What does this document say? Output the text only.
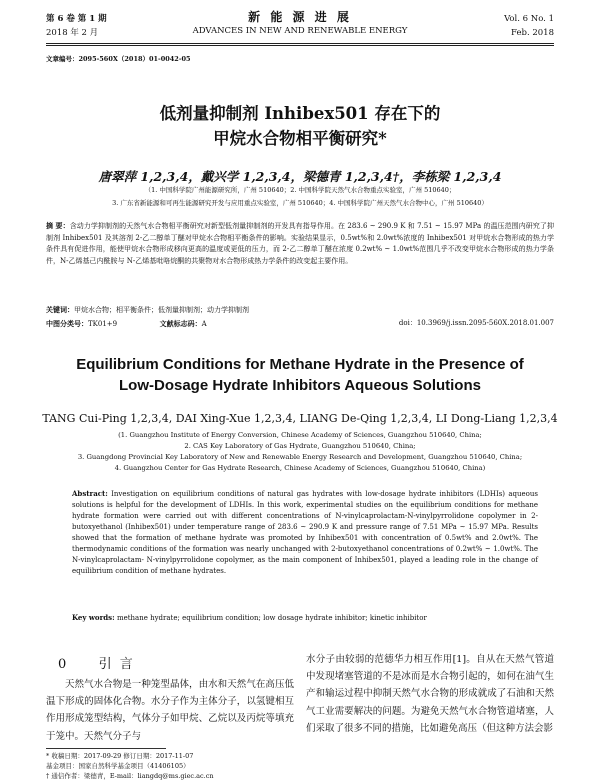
第 6 卷 第 1 期
2018 年 2 月
新 能 源 进 展
ADVANCES IN NEW AND RENEWABLE ENERGY
Vol. 6 No. 1
Feb. 2018
文章编号：2095-560X（2018）01-0042-05
低剂量抑制剂 Inhibex501 存在下的
甲烷水合物相平衡研究*
唐翠萍 1,2,3,4，戴兴学 1,2,3,4，梁德青 1,2,3,4†，李栋梁 1,2,3,4
（1. 中国科学院广州能源研究所，广州 510640；2. 中国科学院天然气水合物重点实验室，广州 510640；
3. 广东省新能源和可再生能源研究开发与应用重点实验室，广州 510640；4. 中国科学院广州天然气水合物中心，广州 510640）
摘 要：含动力学抑制剂的天然气水合物相平衡研究对新型低剂量抑制剂的开发具有指导作用。在 283.6 ~ 290.9 K 和 7.51 ~ 15.97 MPa 的温压范围内研究了抑制剂 Inhibex501 及其溶剂 2-乙二醇单丁醚对甲烷水合物相平衡条件的影响。实验结果显示，0.5wt%和 2.0wt%浓度的 Inhibex501 对甲烷水合物形成的热力学条件具有促进作用，能使甲烷水合物形成移向更高的温度或更低的压力，而 2-乙二醇单丁醚在浓度 0.2wt% ~ 1.0wt%范围几乎不改变甲烷水合物形成的热力学条件，N-乙烯基己内酰胺与 N-乙烯基吡咯烷酮的共聚物对水合物形成热力学条件的改变起主要作用。
关键词：甲烷水合物；相平衡条件；低剂量抑制剂；动力学抑制剂
中图分类号：TK01+9	文献标志码：A	doi：10.3969/j.issn.2095-560X.2018.01.007
Equilibrium Conditions for Methane Hydrate in the Presence of
Low-Dosage Hydrate Inhibitors Aqueous Solutions
TANG Cui-Ping 1,2,3,4, DAI Xing-Xue 1,2,3,4, LIANG De-Qing 1,2,3,4, LI Dong-Liang 1,2,3,4
(1. Guangzhou Institute of Energy Conversion, Chinese Academy of Sciences, Guangzhou 510640, China;
2. CAS Key Laboratory of Gas Hydrate, Guangzhou 510640, China;
3. Guangdong Provincial Key Laboratory of New and Renewable Energy Research and Development, Guangzhou 510640, China;
4. Guangzhou Center for Gas Hydrate Research, Chinese Academy of Sciences, Guangzhou 510640, China)
Abstract: Investigation on equilibrium conditions of natural gas hydrates with low-dosage hydrate inhibitors (LDHIs) aqueous solutions is helpful for the development of LDHIs. In this work, experimental studies on the equilibrium conditions for methane hydrate formation were carried out with different concentrations of N-vinylcaprolactam-N-vinylpyrrolidone copolymer in 2-butoxyethanol (Inhibex501) under temperature range of 283.6 ~ 290.9 K and pressure range of 7.51 MPa ~ 15.97 MPa. Results showed that the formation of methane hydrate was promoted by Inhibex501 with concentration of 0.5wt% and 2.0wt%. The thermodynamic conditions of the formation was nearly unchanged with 2-butoxyethanol concentrations of 0.2wt% ~ 1.0wt%. The N-vinylcaprolactam- N-vinylpyrrolidone copolymer, as the main component of Inhibex501, played a leading role in the change of equilibrium condition of methane hydrates.
Key words: methane hydrate; equilibrium condition; low dosage hydrate inhibitor; kinetic inhibitor
0 引 言
天然气水合物是一种笼型晶体，由水和天然气在高压低温下形成的固体化合物。水分子作为主体分子，以氢键相互作用形成笼型结构，气体分子如甲烷、乙烷以及丙烷等填充于笼中。天然气分子与
水分子由较弱的范德华力相互作用[1]。自从在天然气管道中发现堵塞管道的不是冰而是水合物引起的，如何在油气生产和输运过程中抑制天然气水合物的形成就成了石油和天然气工业需要解决的问题。为避免天然气水合物管道堵塞，人们采取了很多不同的措施，比如避免高压（但这种方法会影
* 收稿日期：2017-09-29 修订日期：2017-11-07
基金项目：国家自然科学基金项目（41406105）
† 通信作者：梁德青，E-mail：liangdq@ms.giec.ac.cn
